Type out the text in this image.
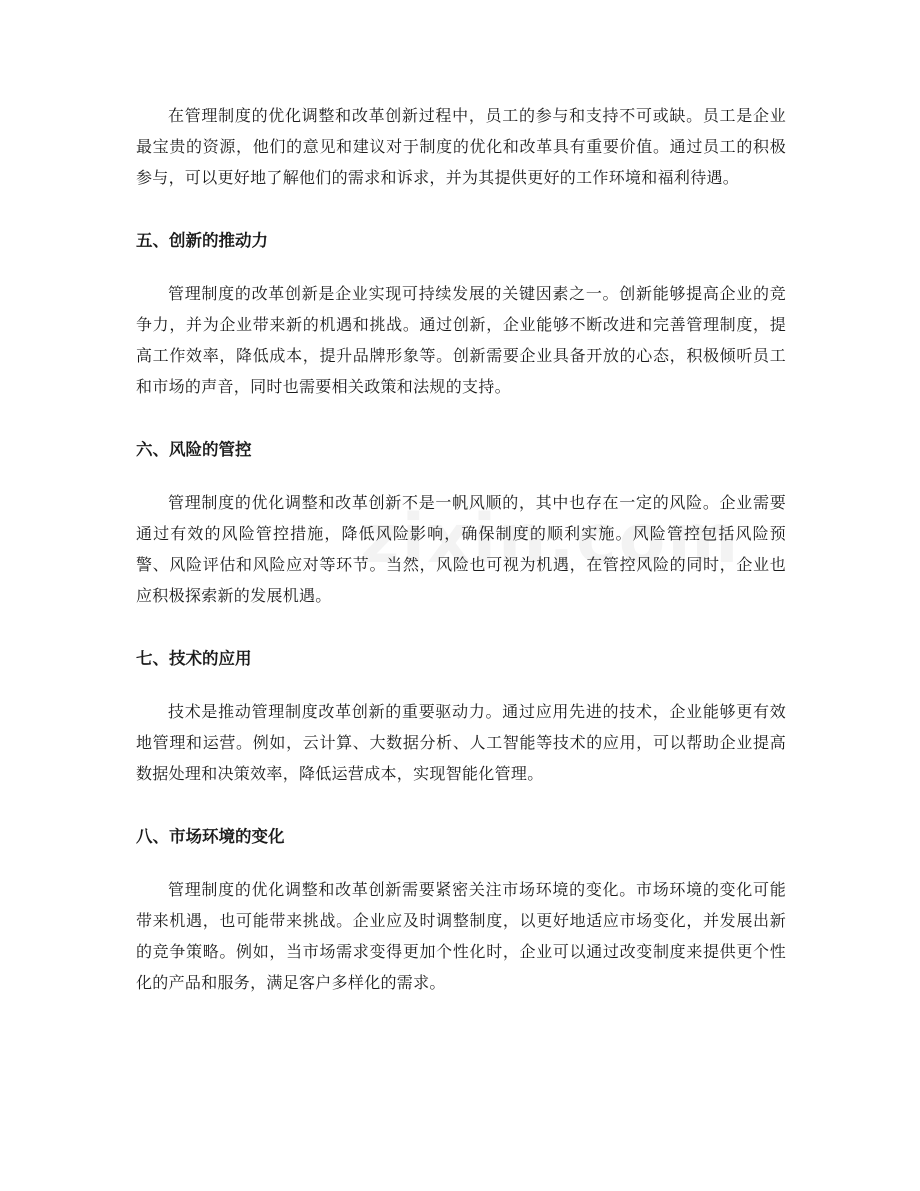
在管理制度的优化调整和改革创新过程中，员工的参与和支持不可或缺。员工是企业最宝贵的资源，他们的意见和建议对于制度的优化和改革具有重要价值。通过员工的积极参与，可以更好地了解他们的需求和诉求，并为其提供更好的工作环境和福利待遇。

五、创新的推动力

管理制度的改革创新是企业实现可持续发展的关键因素之一。创新能够提高企业的竞争力，并为企业带来新的机遇和挑战。通过创新，企业能够不断改进和完善管理制度，提高工作效率，降低成本，提升品牌形象等。创新需要企业具备开放的心态，积极倾听员工和市场的声音，同时也需要相关政策和法规的支持。

六、风险的管控

管理制度的优化调整和改革创新不是一帆风顺的，其中也存在一定的风险。企业需要通过有效的风险管控措施，降低风险影响，确保制度的顺利实施。风险管控包括风险预警、风险评估和风险应对等环节。当然，风险也可视为机遇，在管控风险的同时，企业也应积极探索新的发展机遇。

七、技术的应用

技术是推动管理制度改革创新的重要驱动力。通过应用先进的技术，企业能够更有效地管理和运营。例如，云计算、大数据分析、人工智能等技术的应用，可以帮助企业提高数据处理和决策效率，降低运营成本，实现智能化管理。

八、市场环境的变化

管理制度的优化调整和改革创新需要紧密关注市场环境的变化。市场环境的变化可能带来机遇，也可能带来挑战。企业应及时调整制度，以更好地适应市场变化，并发展出新的竞争策略。例如，当市场需求变得更加个性化时，企业可以通过改变制度来提供更个性化的产品和服务，满足客户多样化的需求。
